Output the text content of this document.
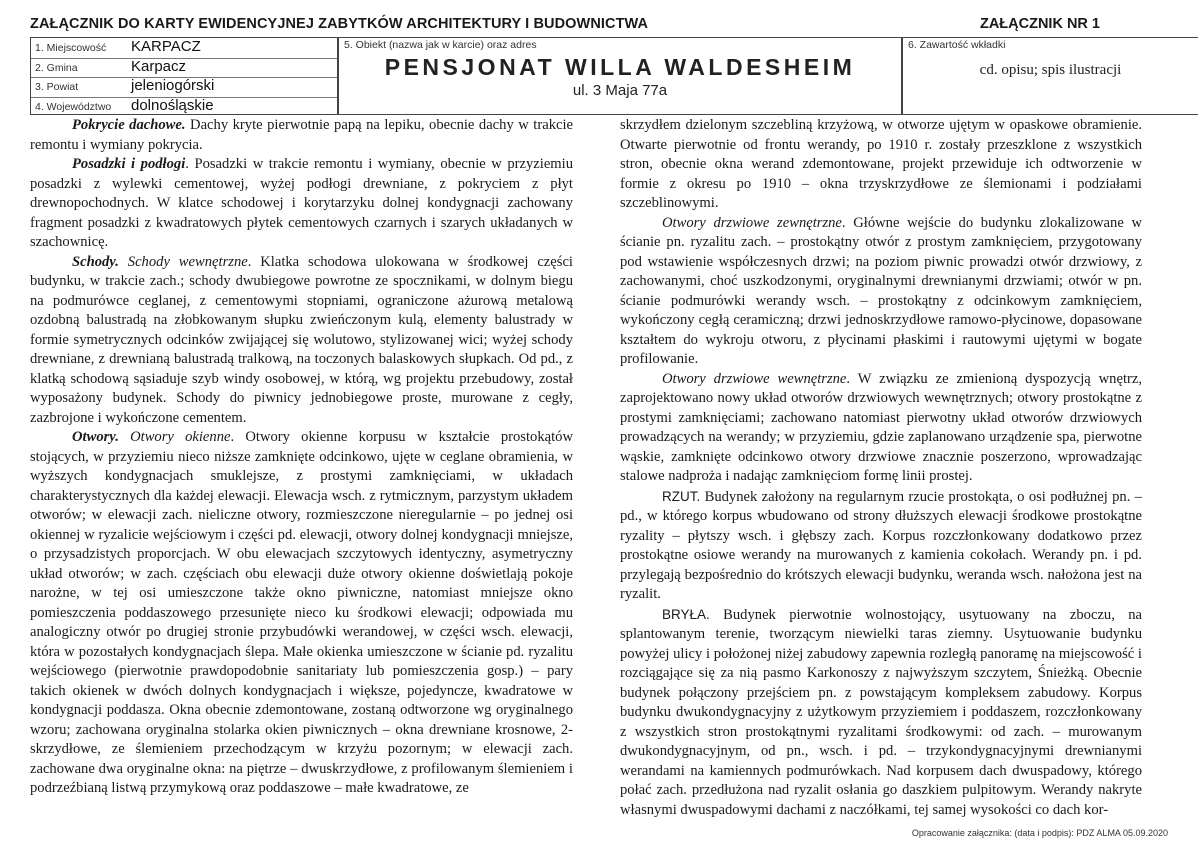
ZAŁĄCZNIK DO KARTY EWIDENCYJNEJ ZABYTKÓW ARCHITEKTURY I BUDOWNICTWA	ZAŁĄCZNIK NR 1
1. Miejscowość KARPACZ
2. Gmina	Karpacz
3. Powiat	jeleniogórski
4. Województwo dolnośląskie
5. Obiekt (nazwa jak w karcie) oraz adres
PENSJONAT WILLA WALDESHEIM
ul. 3 Maja 77a
6. Zawartość wkładki
cd. opisu; spis ilustracji

Pokrycie dachowe. Dachy kryte pierwotnie papą na lepiku, obecnie dachy w trakcie remontu i wymiany pokrycia.

Posadzki i podłogi. Posadzki w trakcie remontu i wymiany, obecnie w przyziemiu posadzki z wylewki cementowej, wyżej podłogi drewniane, z pokryciem z płyt drewnopochodnych. W klatce schodowej i korytarzyku dolnej kondygnacji zachowany fragment posadzki z kwadratowych płytek cementowych czarnych i szarych układanych w szachownicę.

Schody. Schody wewnętrzne. Klatka schodowa ulokowana w środkowej części budynku, w trakcie zach.; schody dwubiegowe powrotne ze spocznikami, w dolnym biegu na podmurówce ceglanej, z cementowymi stopniami, ograniczone ażurową metalową ozdobną balustradą na złobkowanym słupku zwieńczonym kulą, elementy balustrady w formie symetrycznych odcinków zwijającej się wolutowo, stylizowanej wici; wyżej schody drewniane, z drewnianą balustradą tralkową, na toczonych balaskowych słupkach. Od pd., z klatką schodową sąsiaduje szyb windy osobowej, w którą, wg projektu przebudowy, został wyposażony budynek. Schody do piwnicy jednobiegowe proste, murowane z cegły, zazbrojone i wykończone cementem.

Otwory. Otwory okienne. Otwory okienne korpusu w kształcie prostokątów stojących, w przyziemiu nieco niższe zamknięte odcinkowo, ujęte w ceglane obramienia, w wyższych kondygnacjach smuklejsze, z prostymi zamknięciami, w układach charakterystycznych dla każdej elewacji. Elewacja wsch. z rytmicznym, parzystym układem otworów; w elewacji zach. nieliczne otwory, rozmieszczone nieregularnie – po jednej osi okiennej w ryzalicie wejściowym i części pd. elewacji, otwory dolnej kondygnacji mniejsze, o przysadzistych proporcjach. W obu elewacjach szczytowych identyczny, asymetryczny układ otworów; w zach. częściach obu elewacji duże otwory okienne doświetlają pokoje narożne, w tej osi umieszczone także okno piwniczne, natomiast mniejsze okno pomieszczenia poddaszowego przesunięte nieco ku środkowi elewacji; odpowiada mu analogiczny otwór po drugiej stronie przybudówki werandowej, w części wsch. elewacji, która w pozostałych kondygnacjach ślepa. Małe okienka umieszczone w ścianie pd. ryzalitu wejściowego (pierwotnie prawdopodobnie sanitariaty lub pomieszczenia gosp.) – pary takich okienek w dwóch dolnych kondygnacjach i większe, pojedyncze, kwadratowe w kondygnacji poddasza. Okna obecnie zdemontowane, zostaną odtworzone wg oryginalnego wzoru; zachowana oryginalna stolarka okien piwnicznych – okna drewniane krosnowe, 2-skrzydłowe, ze ślemieniem przechodzącym w krzyżu pozornym; w elewacji zach. zachowane dwa oryginalne okna: na piętrze – dwuskrzydłowe, z profilowanym ślemieniem i podrzeźbianą listwą przymykową oraz poddaszowe – małe kwadratowe, ze

skrzydłem dzielonym szczebliną krzyżową, w otworze ujętym w opaskowe obramienie. Otwarte pierwotnie od frontu werandy, po 1910 r. zostały przeszklone z wszystkich stron, obecnie okna werand zdemontowane, projekt przewiduje ich odtworzenie w formie z okresu po 1910 – okna trzyskrzydłowe ze ślemionami i podziałami szczeblinowymi.

Otwory drzwiowe zewnętrzne. Główne wejście do budynku zlokalizowane w ścianie pn. ryzalitu zach. – prostokątny otwór z prostym zamknięciem, przygotowany pod wstawienie współczesnych drzwi; na poziom piwnic prowadzi otwór drzwiowy, z zachowanymi, choć uszkodzonymi, oryginalnymi drewnianymi drzwiami; otwór w pn. ścianie podmurówki werandy wsch. – prostokątny z odcinkowym zamknięciem, wykończony cegłą ceramiczną; drzwi jednoskrzydłowe ramowo-płycinowe, dopasowane kształtem do wykroju otworu, z płycinami płaskimi i rautowymi ujętymi w bogate profilowanie.

Otwory drzwiowe wewnętrzne. W związku ze zmienioną dyspozycją wnętrz, zaprojektowano nowy układ otworów drzwiowych wewnętrznych; otwory prostokątne z prostymi zamknięciami; zachowano natomiast pierwotny układ otworów drzwiowych prowadzących na werandy; w przyziemiu, gdzie zaplanowano urządzenie spa, pierwotne wąskie, zamknięte odcinkowo otwory drzwiowe znacznie poszerzono, wprowadzając stalowe nadproża i nadając zamknięciom formę linii prostej.

RZUT. Budynek założony na regularnym rzucie prostokąta, o osi podłużnej pn. –pd., w którego korpus wbudowano od strony dłuższych elewacji środkowe prostokątne ryzality – płytszy wsch. i głębszy zach. Korpus rozczłonkowany dodatkowo przez prostokątne osiowe werandy na murowanych z kamienia cokołach. Werandy pn. i pd. przylegają bezpośrednio do krótszych elewacji budynku, weranda wsch. nałożona jest na ryzalit.

BRYŁA. Budynek pierwotnie wolnostojący, usytuowany na zboczu, na splantowanym terenie, tworzącym niewielki taras ziemny. Usytuowanie budynku powyżej ulicy i położonej niżej zabudowy zapewnia rozległą panoramę na miejscowość i rozciągające się za nią pasmo Karkonoszy z najwyższym szczytem, Śnieżką. Obecnie budynek połączony przejściem pn. z powstającym kompleksem zabudowy. Korpus budynku dwukondygnacyjny z użytkowym przyziemiem i poddaszem, rozczłonkowany z wszystkich stron prostokątnymi ryzalitami środkowymi: od zach. – murowanym dwukondygnacyjnym, od pn., wsch. i pd. – trzykondygnacyjnymi drewnianymi werandami na kamiennych podmurówkach. Nad korpusem dach dwuspadowy, którego połać zach. przedłużona nad ryzalit osłania go daszkiem pulpitowym. Werandy nakryte własnymi dwuspadowymi dachami z naczółkami, tej samej wysokości co dach kor-

Opracowanie załącznika: (data i podpis): PDZ ALMA 05.09.2020
